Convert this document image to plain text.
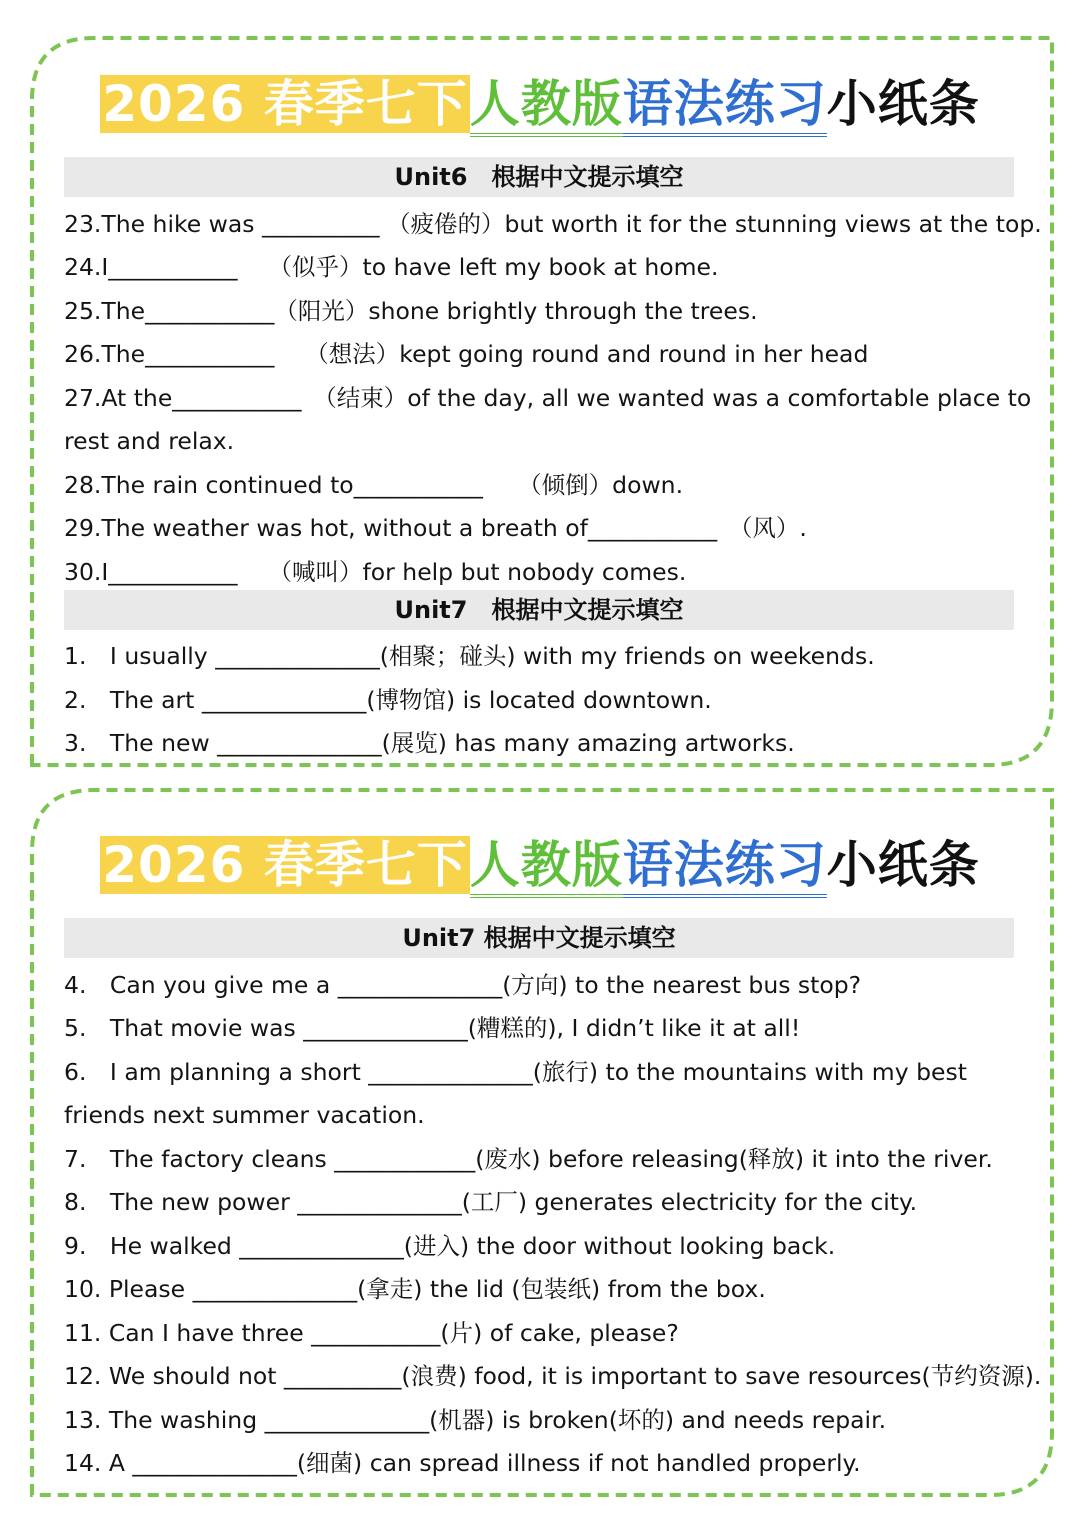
2026 春季七下人教版语法练习小纸条
Unit6　根据中文提示填空
23.The hike was __________ （疲倦的）but worth it for the stunning views at the top.
24.I___________　 （似乎）to have left my book at home.
25.The___________（阳光）shone brightly through the trees.
26.The___________　 （想法）kept going round and round in her head
27.At the___________　（结束）of the day, all we wanted was a comfortable place to
rest and relax.
28.The rain continued to___________　　（倾倒）down.
29.The weather was hot, without a breath of___________　（风）.
30.I___________　 （喊叫）for help but nobody comes.
Unit7　根据中文提示填空
1.　I usually ______________(相聚；碰头) with my friends on weekends.
2.　The art ______________(博物馆) is located downtown.
3.　The new ______________(展览) has many amazing artworks.
2026 春季七下人教版语法练习小纸条
Unit7 根据中文提示填空
4.　Can you give me a ______________(方向) to the nearest bus stop?
5.　That movie was ______________(糟糕的), I didn’t like it at all!
6.　I am planning a short ______________(旅行) to the mountains with my best
friends next summer vacation.
7.　The factory cleans ____________(废水) before releasing(释放) it into the river.
8.　The new power ______________(工厂) generates electricity for the city.
9.　He walked ______________(进入) the door without looking back.
10. Please ______________(拿走) the lid (包装纸) from the box.
11. Can I have three ___________(片) of cake, please?
12. We should not __________(浪费) food, it is important to save resources(节约资源).
13. The washing ______________(机器) is broken(坏的) and needs repair.
14. A ______________(细菌) can spread illness if not handled properly.
